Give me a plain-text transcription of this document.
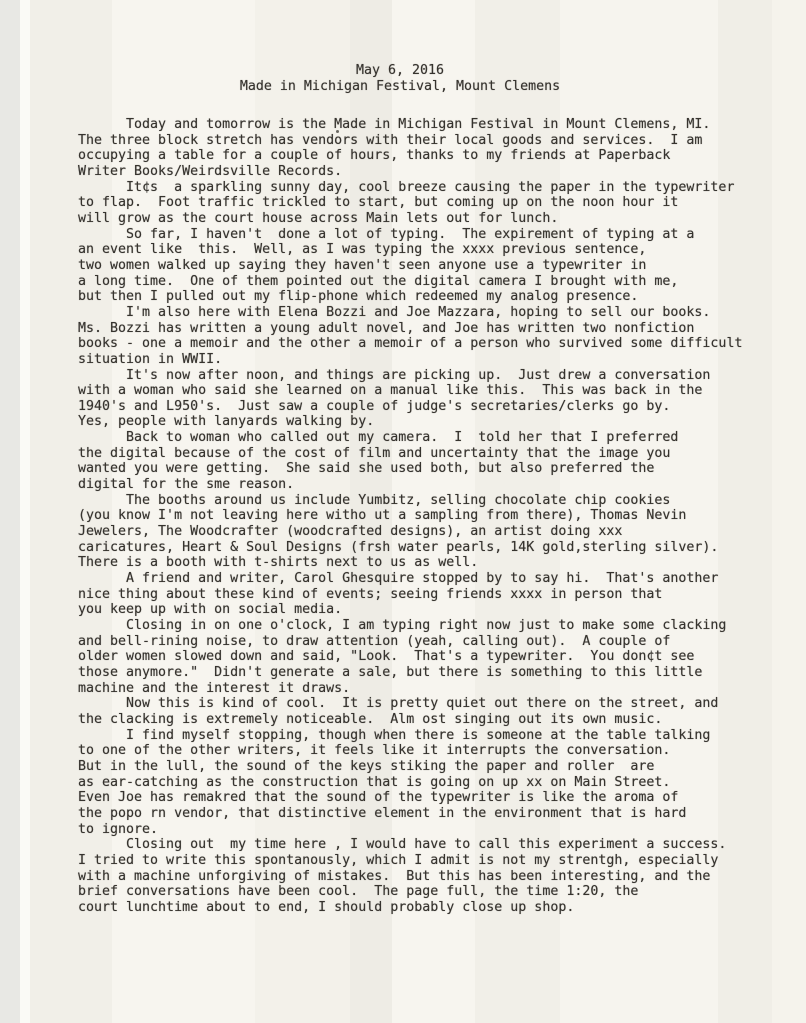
May 6, 2016
Made in Michigan Festival, Mount Clemens
Today and tomorrow is the Made in Michigan Festival in Mount Clemens, MI.
The three block stretch has vendors with their local goods and services.  I am
occupying a table for a couple of hours, thanks to my friends at Paperback
Writer Books/Weirdsville Records.
It¢s  a sparkling sunny day, cool breeze causing the paper in the typewriter
to flap.  Foot traffic trickled to start, but coming up on the noon hour it
will grow as the court house across Main lets out for lunch.
So far, I haven't  done a lot of typing.  The expirement of typing at a
an event like  this.  Well, as I was typing the xxxx previous sentence,
two women walked up saying they haven't seen anyone use a typewriter in
a long time.  One of them pointed out the digital camera I brought with me,
but then I pulled out my flip-phone which redeemed my analog presence.
I'm also here with Elena Bozzi and Joe Mazzara, hoping to sell our books.
Ms. Bozzi has written a young adult novel, and Joe has written two nonfiction
books - one a memoir and the other a memoir of a person who survived some difficult
situation in WWII.
It's now after noon, and things are picking up.  Just drew a conversation
with a woman who said she learned on a manual like this.  This was back in the
1940's and L950's.  Just saw a couple of judge's secretaries/clerks go by.
Yes, people with lanyards walking by.
Back to woman who called out my camera.  I  told her that I preferred
the digital because of the cost of film and uncertainty that the image you
wanted you were getting.  She said she used both, but also preferred the
digital for the sme reason.
The booths around us include Yumbitz, selling chocolate chip cookies
(you know I'm not leaving here witho ut a sampling from there), Thomas Nevin
Jewelers, The Woodcrafter (woodcrafted designs), an artist doing xxx
caricatures, Heart & Soul Designs (frsh water pearls, 14K gold,sterling silver).
There is a booth with t-shirts next to us as well.
A friend and writer, Carol Ghesquire stopped by to say hi.  That's another
nice thing about these kind of events; seeing friends xxxx in person that
you keep up with on social media.
Closing in on one o'clock, I am typing right now just to make some clacking
and bell-rining noise, to draw attention (yeah, calling out).  A couple of
older women slowed down and said, "Look.  That's a typewriter.  You don¢t see
those anymore."  Didn't generate a sale, but there is something to this little
machine and the interest it draws.
Now this is kind of cool.  It is pretty quiet out there on the street, and
the clacking is extremely noticeable.  Alm ost singing out its own music.
I find myself stopping, though when there is someone at the table talking
to one of the other writers, it feels like it interrupts the conversation.
But in the lull, the sound of the keys stiking the paper and roller  are
as ear-catching as the construction that is going on up xx on Main Street.
Even Joe has remakred that the sound of the typewriter is like the aroma of
the popo rn vendor, that distinctive element in the environment that is hard
to ignore.
Closing out  my time here , I would have to call this experiment a success.
I tried to write this spontanously, which I admit is not my strentgh, especially
with a machine unforgiving of mistakes.  But this has been interesting, and the
brief conversations have been cool.  The page full, the time 1:20, the
court lunchtime about to end, I should probably close up shop.
